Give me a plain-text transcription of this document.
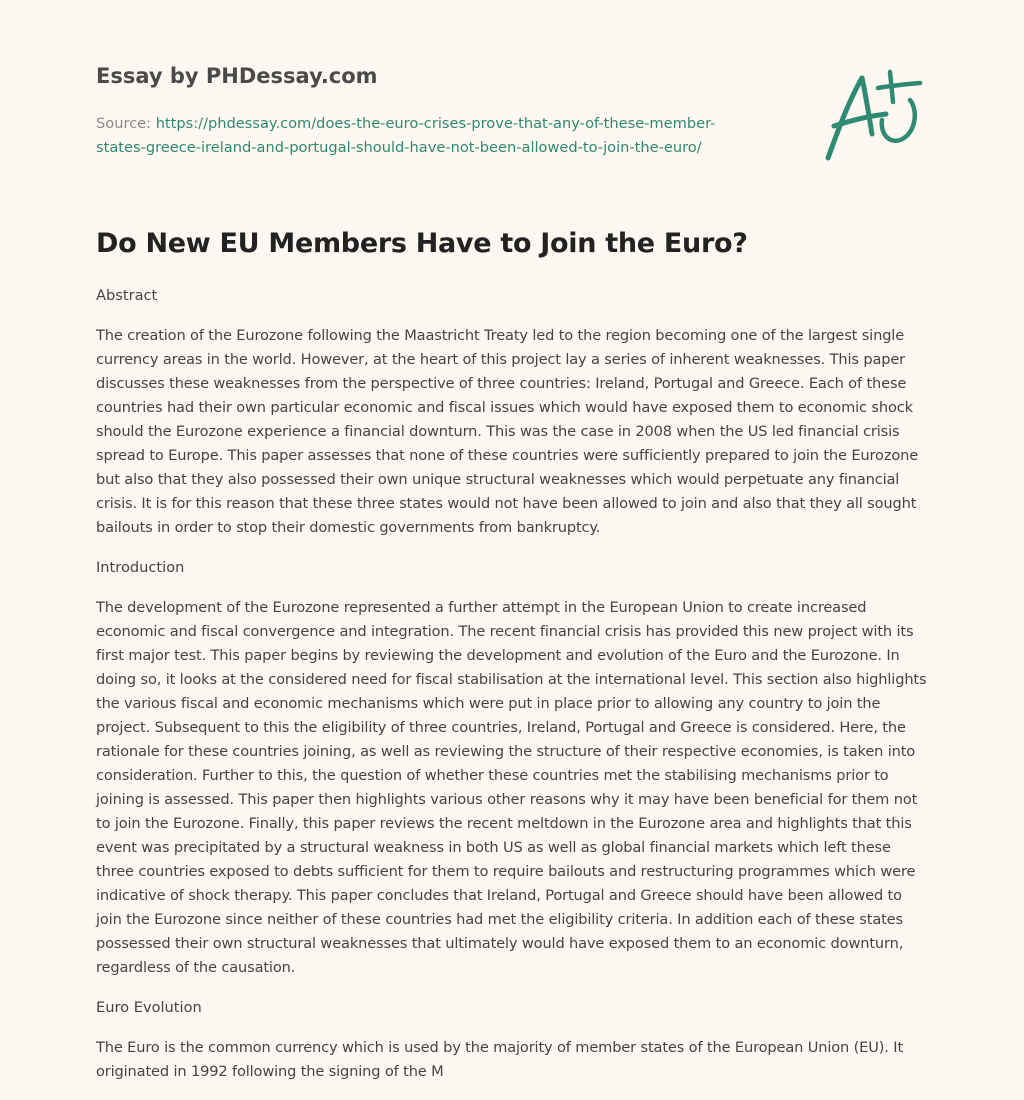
Essay by PHDessay.com

Source: https://phdessay.com/does-the-euro-crises-prove-that-any-of-these-member-states-greece-ireland-and-portugal-should-have-not-been-allowed-to-join-the-euro/

Do New EU Members Have to Join the Euro?

Abstract

The creation of the Eurozone following the Maastricht Treaty led to the region becoming one of the largest single currency areas in the world. However, at the heart of this project lay a series of inherent weaknesses. This paper discusses these weaknesses from the perspective of three countries: Ireland, Portugal and Greece. Each of these countries had their own particular economic and fiscal issues which would have exposed them to economic shock should the Eurozone experience a financial downturn. This was the case in 2008 when the US led financial crisis spread to Europe. This paper assesses that none of these countries were sufficiently prepared to join the Eurozone but also that they also possessed their own unique structural weaknesses which would perpetuate any financial crisis. It is for this reason that these three states would not have been allowed to join and also that they all sought bailouts in order to stop their domestic governments from bankruptcy.

Introduction

The development of the Eurozone represented a further attempt in the European Union to create increased economic and fiscal convergence and integration. The recent financial crisis has provided this new project with its first major test. This paper begins by reviewing the development and evolution of the Euro and the Eurozone. In doing so, it looks at the considered need for fiscal stabilisation at the international level. This section also highlights the various fiscal and economic mechanisms which were put in place prior to allowing any country to join the project. Subsequent to this the eligibility of three countries, Ireland, Portugal and Greece is considered. Here, the rationale for these countries joining, as well as reviewing the structure of their respective economies, is taken into consideration. Further to this, the question of whether these countries met the stabilising mechanisms prior to joining is assessed. This paper then highlights various other reasons why it may have been beneficial for them not to join the Eurozone. Finally, this paper reviews the recent meltdown in the Eurozone area and highlights that this event was precipitated by a structural weakness in both US as well as global financial markets which left these three countries exposed to debts sufficient for them to require bailouts and restructuring programmes which were indicative of shock therapy. This paper concludes that Ireland, Portugal and Greece should have been allowed to join the Eurozone since neither of these countries had met the eligibility criteria. In addition each of these states possessed their own structural weaknesses that ultimately would have exposed them to an economic downturn, regardless of the causation.

Euro Evolution

The Euro is the common currency which is used by the majority of member states of the European Union (EU). It originated in 1992 following the signing of the M
